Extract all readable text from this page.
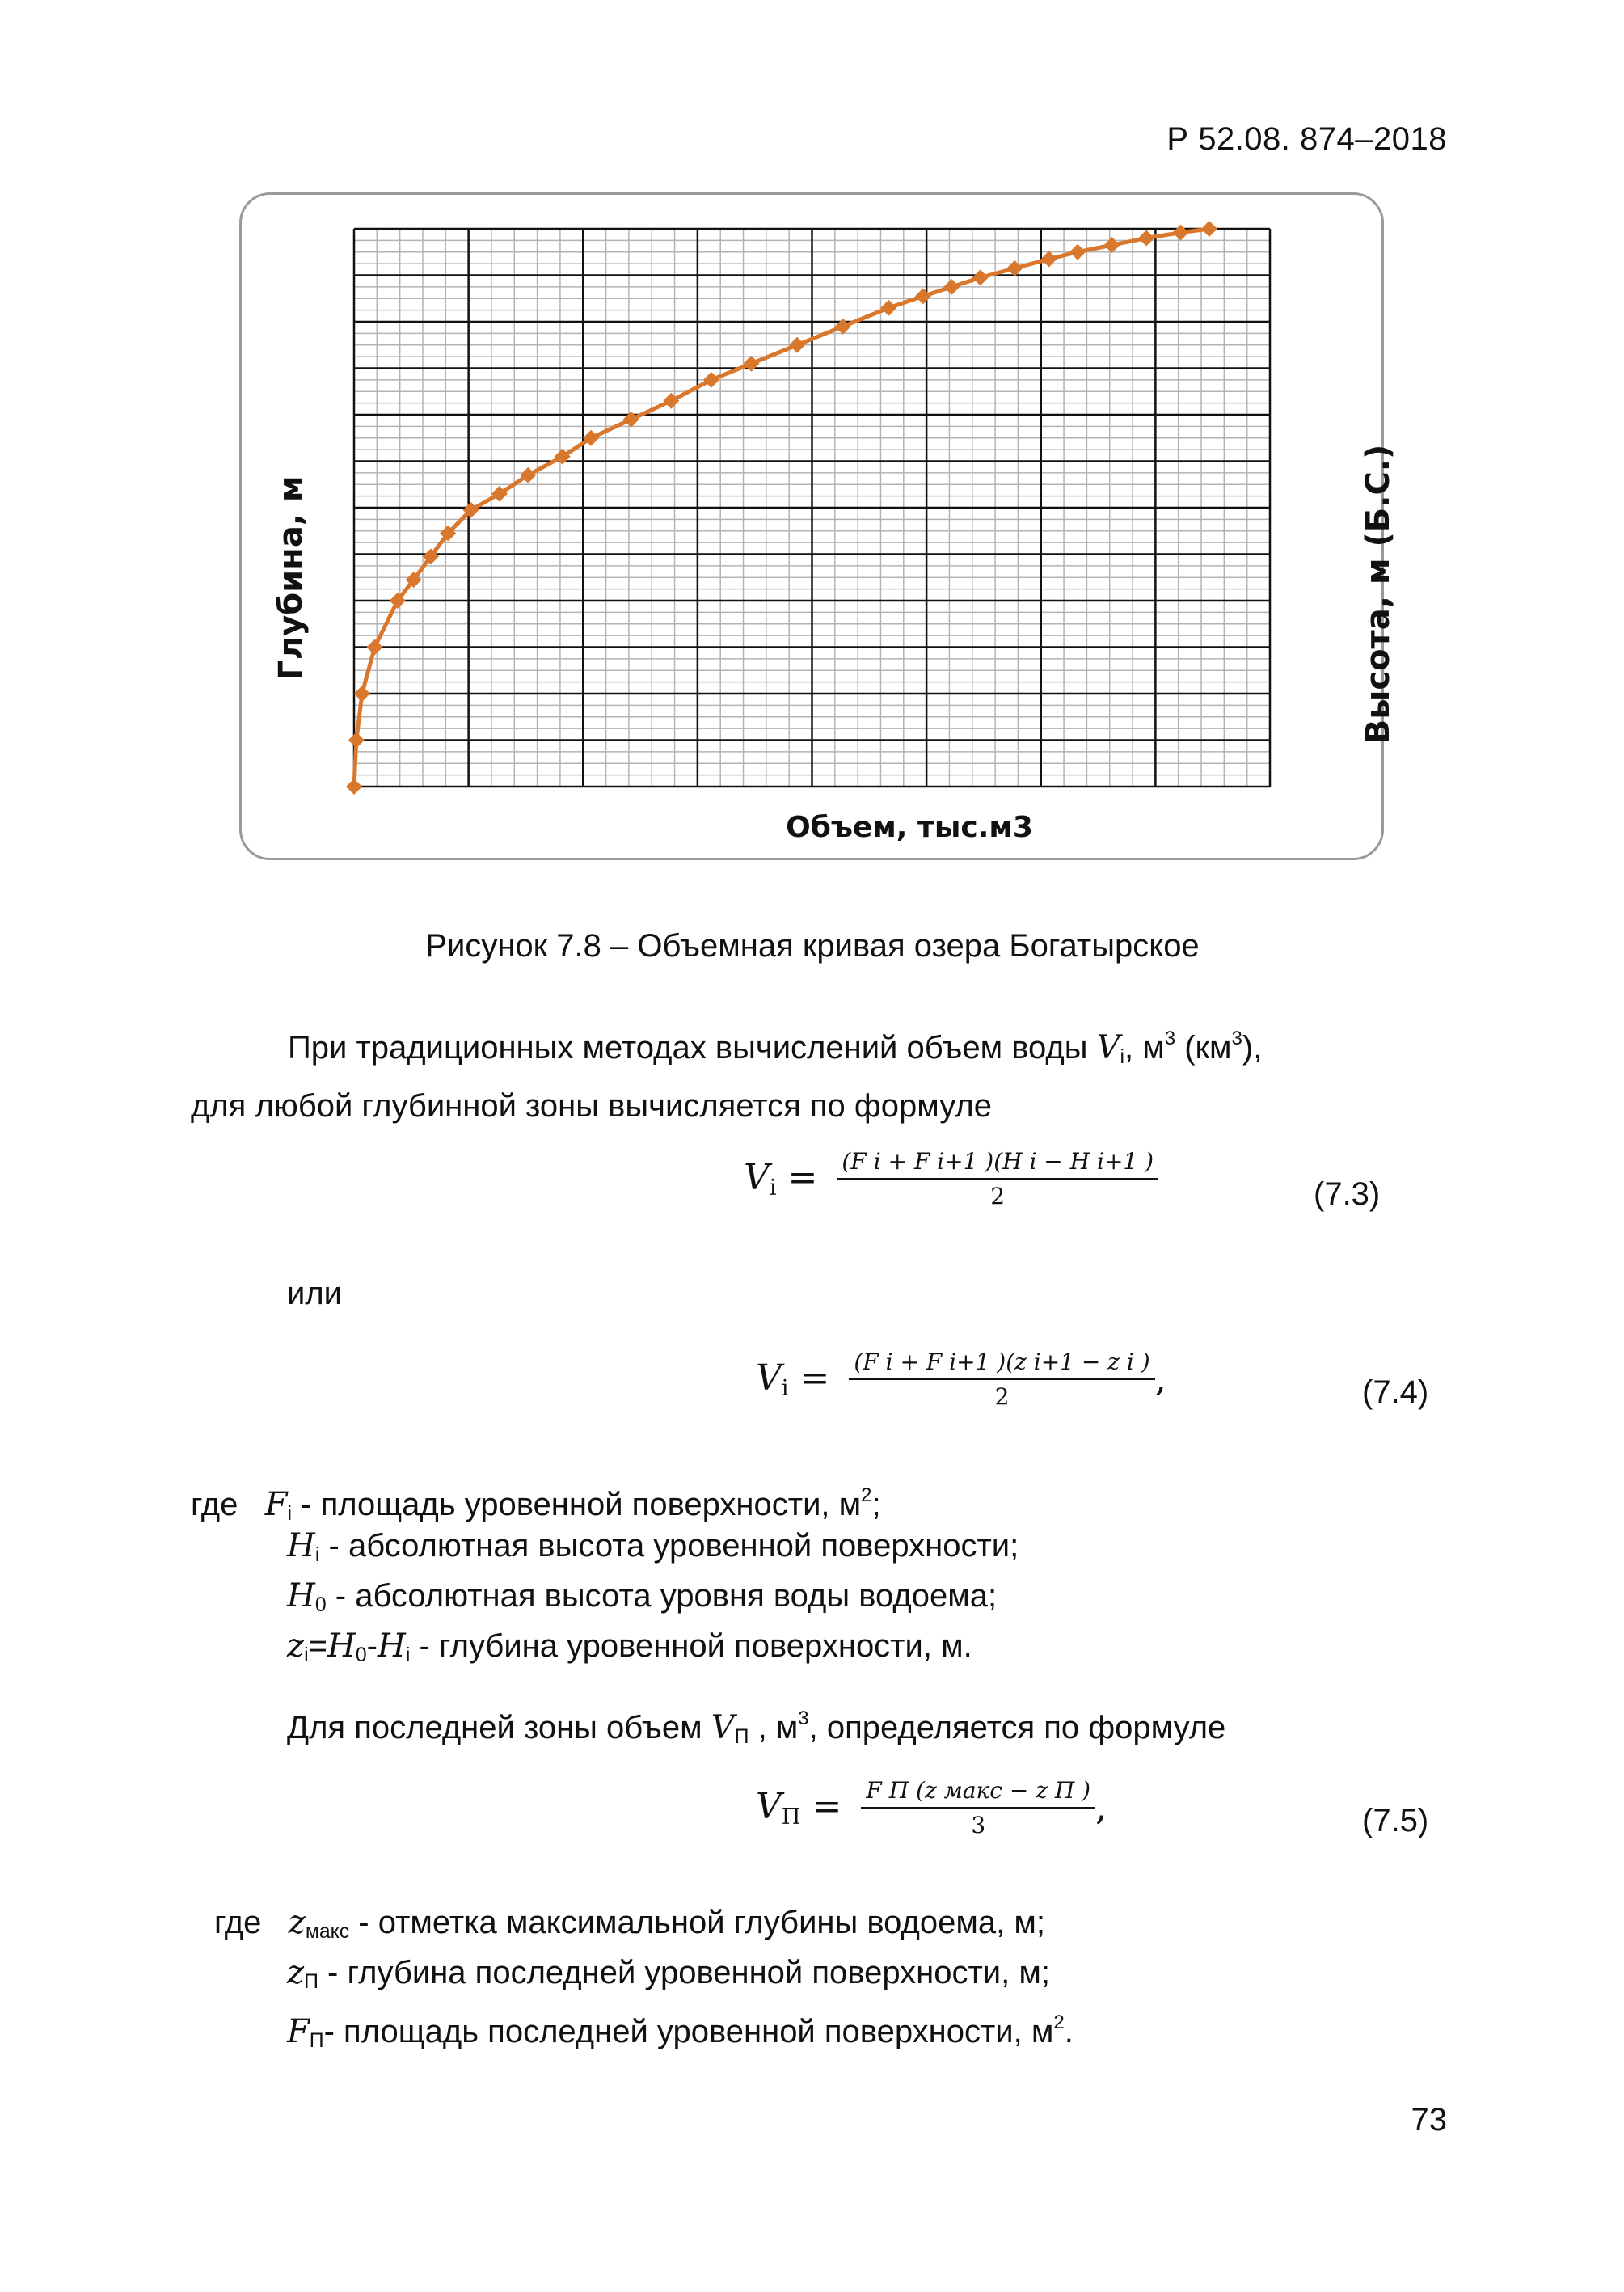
Р 52.08. 874–2018
Глубина, м	Высота, м (Б.С.)
Объем, тыс.м3
Рисунок 7.8 – Объемная кривая озера Богатырское
При традиционных методах вычислений объем воды $V_i$, $м^3$ $(км^3)$,
для любой глубинной зоны вычисляется по формуле
$V_i = \frac{\text{(F i + F i+1 )(H i − H i+1 )}}{2}$	(7.3)
или
$V_i = \frac{\text{(F i + F i+1 )(z i+1 − z i )}}{2}$ ,	(7.4)
где $F_i$ - площадь уровенной поверхности, $м^2$;
$H_i$ - абсолютная высота уровенной поверхности;
$H_0$ - абсолютная высота уровня воды водоема;
$z_i=H_0-H_i$ - глубина уровенной поверхности, м.
Для последней зоны объем $V_П$ , $м^3$, определяется по формуле
$V_П = \frac{\text{F П (z макс − z П )}}{3}$ ,	(7.5)
где $z_{макс}$ - отметка максимальной глубины водоема, м;
$z_П$ - глубина последней уровенной поверхности, м;
$F_П-$ площадь последней уровенной поверхности, $м^2$.
73
